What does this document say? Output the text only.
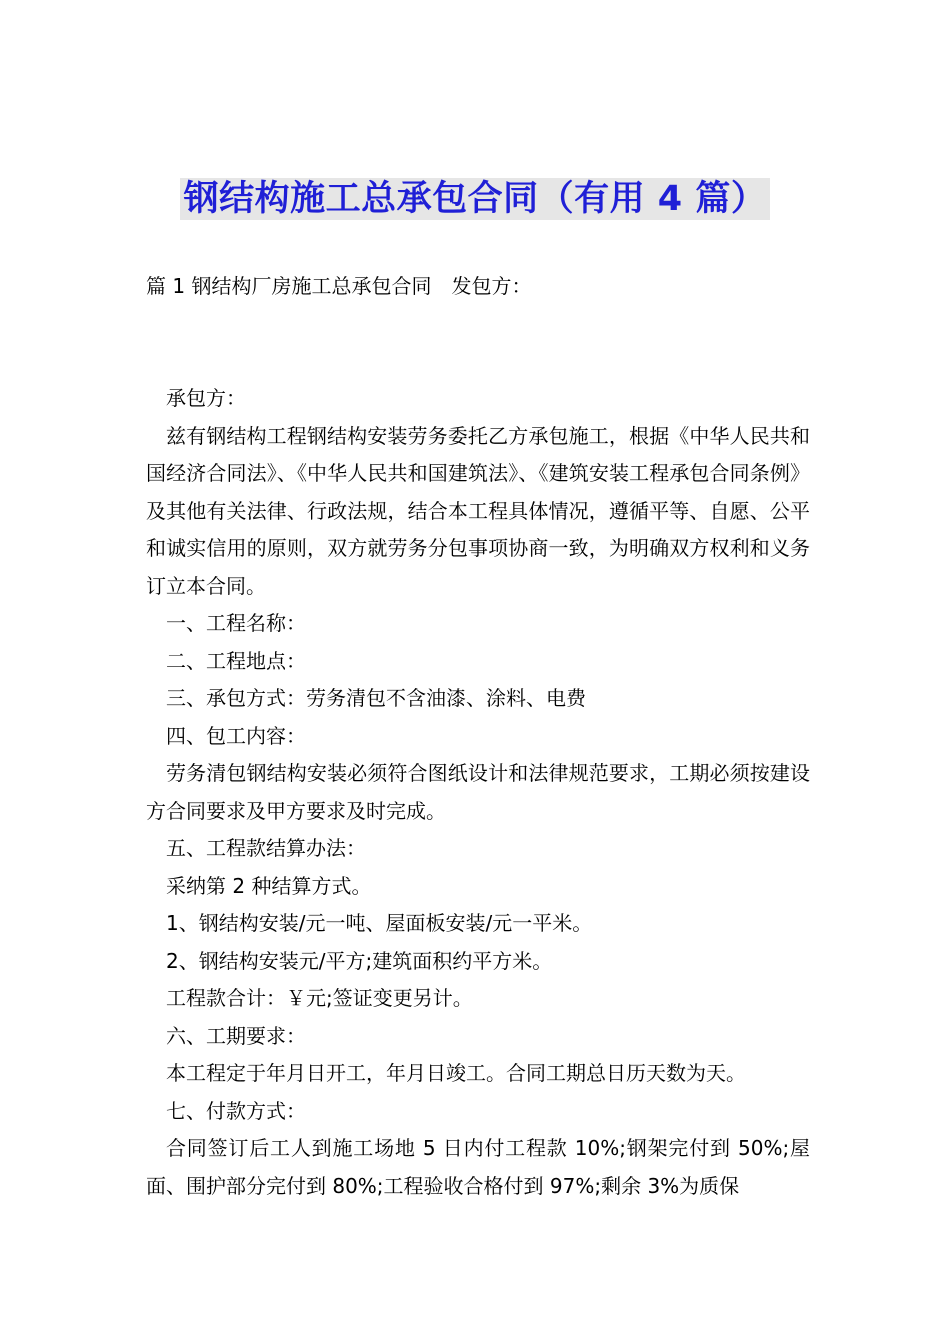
钢结构施工总承包合同（有用 4 篇）
篇 1 钢结构厂房施工总承包合同　发包方：

承包方：

兹有钢结构工程钢结构安装劳务委托乙方承包施工，根据《中华人民共和国经济合同法》、《中华人民共和国建筑法》、《建筑安装工程承包合同条例》及其他有关法律、行政法规，结合本工程具体情况，遵循平等、自愿、公平和诚实信用的原则，双方就劳务分包事项协商一致，为明确双方权利和义务订立本合同。

一、工程名称：

二、工程地点：

三、承包方式：劳务清包不含油漆、涂料、电费

四、包工内容：

劳务清包钢结构安装必须符合图纸设计和法律规范要求，工期必须按建设方合同要求及甲方要求及时完成。

五、工程款结算办法：

采纳第 2 种结算方式。

1、钢结构安装/元一吨、屋面板安装/元一平米。

2、钢结构安装元/平方;建筑面积约平方米。

工程款合计：￥元;签证变更另计。

六、工期要求：

本工程定于年月日开工，年月日竣工。合同工期总日历天数为天。

七、付款方式：

合同签订后工人到施工场地 5 日内付工程款 10%;钢架完付到 50%;屋面、围护部分完付到 80%;工程验收合格付到 97%;剩余 3%为质保
